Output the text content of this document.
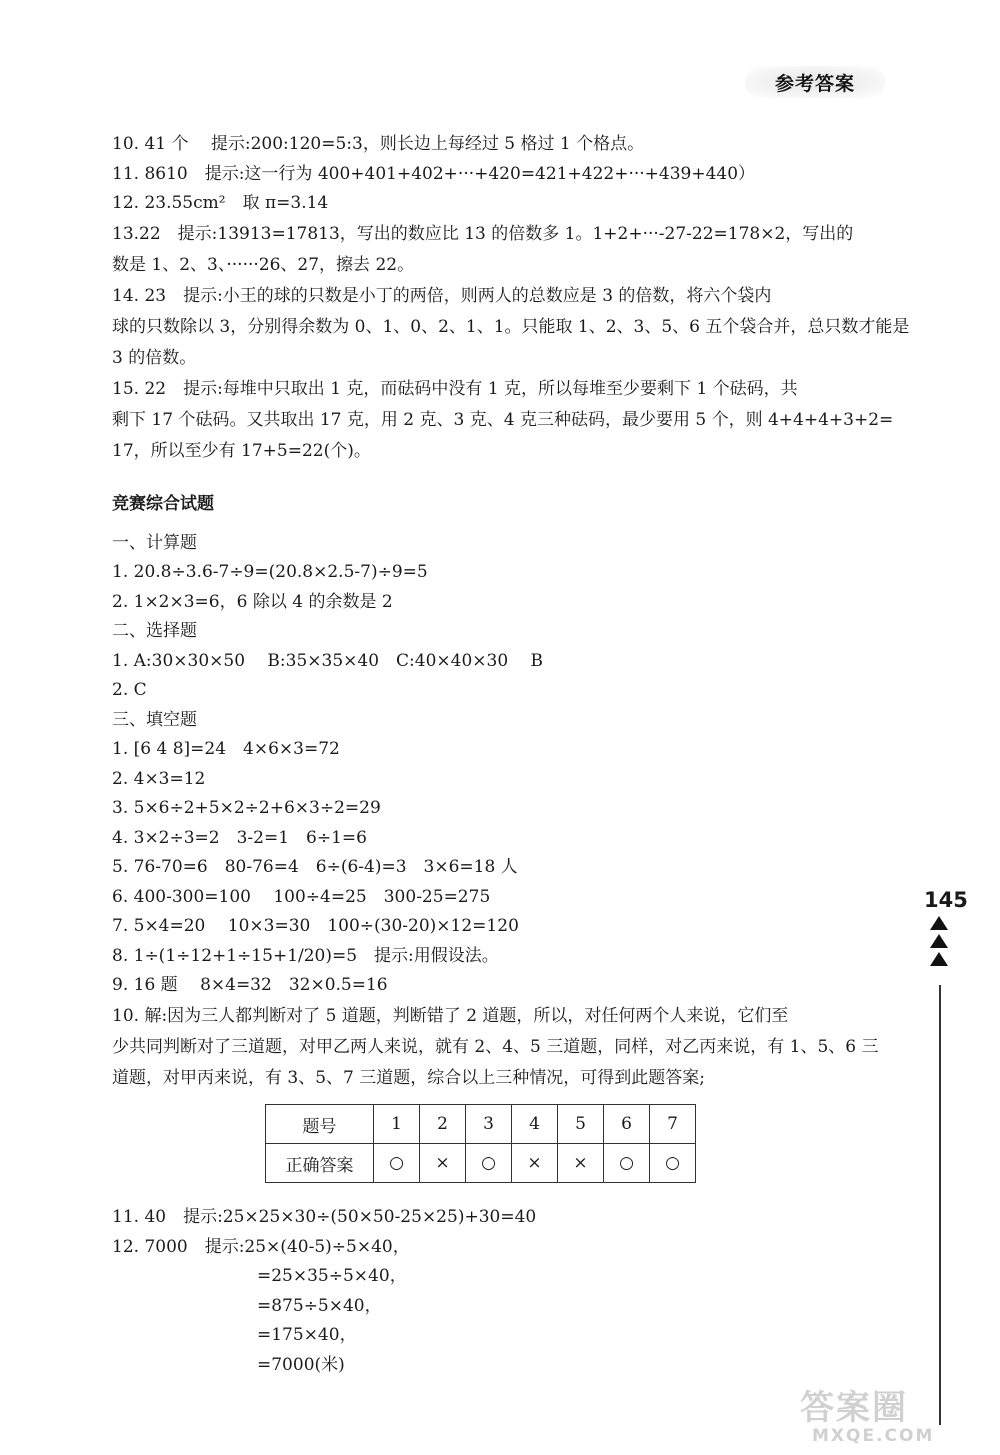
参考答案
10. 41 个　 提示:200:120=5:3，则长边上每经过 5 格过 1 个格点。
11. 8610　提示:这一行为 400+401+402+···+420=421+422+···+439+440）
12. 23.55cm²　取 π=3.14
13.22　提示:13913=17813，写出的数应比 13 的倍数多 1。1+2+···-27-22=178×2，写出的
数是 1、2、3、······26、27，擦去 22。
14. 23　提示:小王的球的只数是小丁的两倍，则两人的总数应是 3 的倍数，将六个袋内
球的只数除以 3，分别得余数为 0、1、0、2、1、1。只能取 1、2、3、5、6 五个袋合并，总只数才能是
3 的倍数。
15. 22　提示:每堆中只取出 1 克，而砝码中没有 1 克，所以每堆至少要剩下 1 个砝码，共
剩下 17 个砝码。又共取出 17 克，用 2 克、3 克、4 克三种砝码，最少要用 5 个，则 4+4+4+3+2=
17，所以至少有 17+5=22(个)。
竞赛综合试题
一、计算题
1. 20.8÷3.6-7÷9=(20.8×2.5-7)÷9=5
2. 1×2×3=6，6 除以 4 的余数是 2
二、选择题
1. A:30×30×50　 B:35×35×40　C:40×40×30　 B
2. C
三、填空题
1. [6 4 8]=24　4×6×3=72
2. 4×3=12
3. 5×6÷2+5×2÷2+6×3÷2=29
4. 3×2÷3=2　3-2=1　6÷1=6
5. 76-70=6　80-76=4　6÷(6-4)=3　3×6=18 人
6. 400-300=100　 100÷4=25　300-25=275
7. 5×4=20　 10×3=30　100÷(30-20)×12=120
8. 1÷(1÷12+1÷15+1/20)=5　提示:用假设法。
9. 16 题　 8×4=32　32×0.5=16
10. 解:因为三人都判断对了 5 道题，判断错了 2 道题，所以，对任何两个人来说，它们至
少共同判断对了三道题，对甲乙两人来说，就有 2、4、5 三道题，同样，对乙丙来说，有 1、5、6 三
道题，对甲丙来说，有 3、5、7 三道题，综合以上三种情况，可得到此题答案;
题号	1	2	3	4	5	6	7
正确答案	○	×	○	×	×	○	○
11. 40　提示:25×25×30÷(50×50-25×25)+30=40
12. 7000　提示:25×(40-5)÷5×40，
=25×35÷5×40，
=875÷5×40，
=175×40，
=7000(米)
145
答案圈
MXQE.COM
